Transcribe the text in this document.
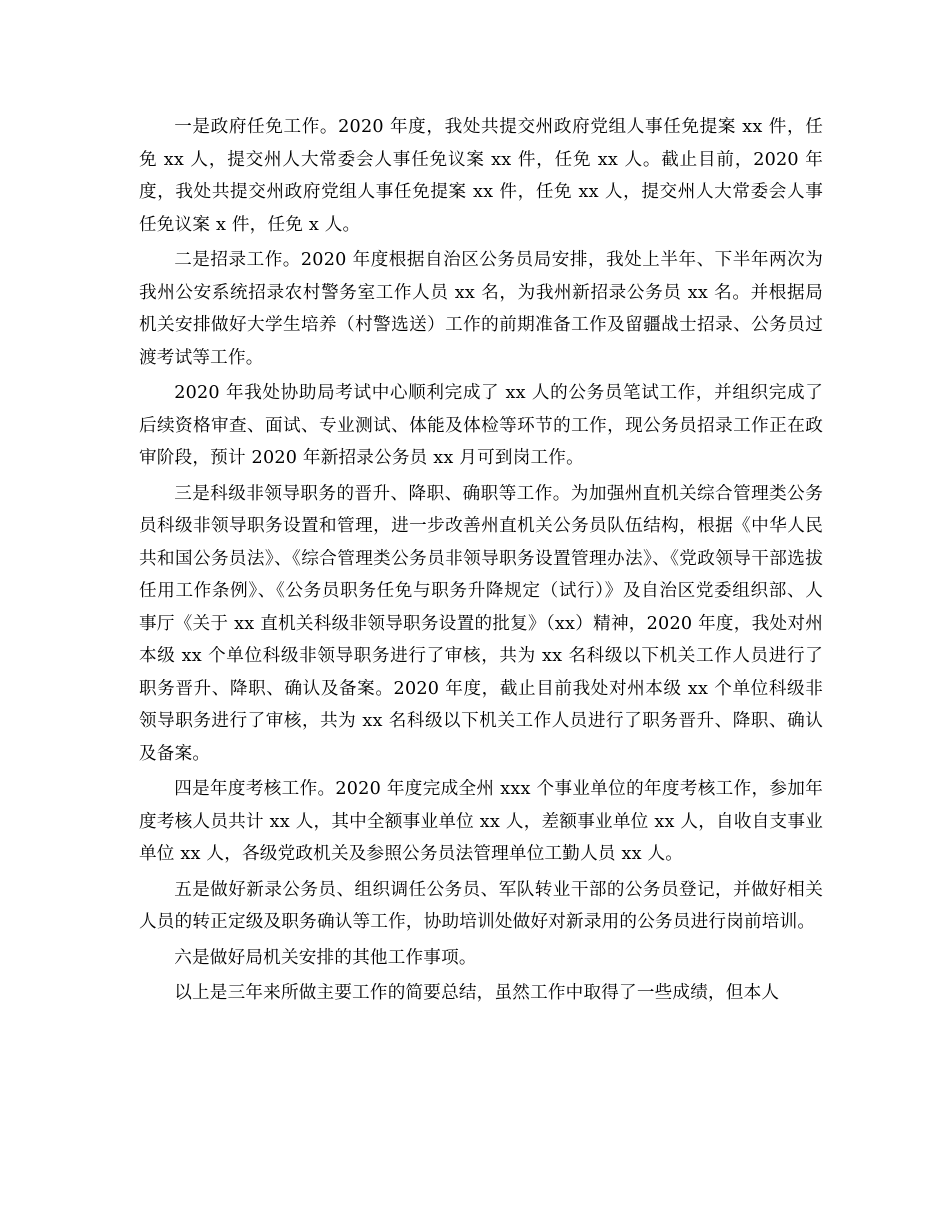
一是政府任免工作。2020 年度，我处共提交州政府党组人事任免提案 xx 件，任免 xx 人，提交州人大常委会人事任免议案 xx 件，任免 xx 人。截止目前，2020 年度，我处共提交州政府党组人事任免提案 xx 件，任免 xx 人，提交州人大常委会人事任免议案 x 件，任免 x 人。

二是招录工作。2020 年度根据自治区公务员局安排，我处上半年、下半年两次为我州公安系统招录农村警务室工作人员 xx 名，为我州新招录公务员 xx 名。并根据局机关安排做好大学生培养（村警选送）工作的前期准备工作及留疆战士招录、公务员过渡考试等工作。

2020 年我处协助局考试中心顺利完成了 xx 人的公务员笔试工作，并组织完成了后续资格审查、面试、专业测试、体能及体检等环节的工作，现公务员招录工作正在政审阶段，预计 2020 年新招录公务员 xx 月可到岗工作。

三是科级非领导职务的晋升、降职、确职等工作。为加强州直机关综合管理类公务员科级非领导职务设置和管理，进一步改善州直机关公务员队伍结构，根据《中华人民共和国公务员法》、《综合管理类公务员非领导职务设置管理办法》、《党政领导干部选拔任用工作条例》、《公务员职务任免与职务升降规定（试行）》及自治区党委组织部、人事厅《关于 xx 直机关科级非领导职务设置的批复》（xx）精神，2020 年度，我处对州本级 xx 个单位科级非领导职务进行了审核，共为 xx 名科级以下机关工作人员进行了职务晋升、降职、确认及备案。2020 年度，截止目前我处对州本级 xx 个单位科级非领导职务进行了审核，共为 xx 名科级以下机关工作人员进行了职务晋升、降职、确认及备案。

四是年度考核工作。2020 年度完成全州 xxx 个事业单位的年度考核工作，参加年度考核人员共计 xx 人，其中全额事业单位 xx 人，差额事业单位 xx 人，自收自支事业单位 xx 人，各级党政机关及参照公务员法管理单位工勤人员 xx 人。

五是做好新录公务员、组织调任公务员、军队转业干部的公务员登记，并做好相关人员的转正定级及职务确认等工作，协助培训处做好对新录用的公务员进行岗前培训。

六是做好局机关安排的其他工作事项。

以上是三年来所做主要工作的简要总结，虽然工作中取得了一些成绩，但本人
